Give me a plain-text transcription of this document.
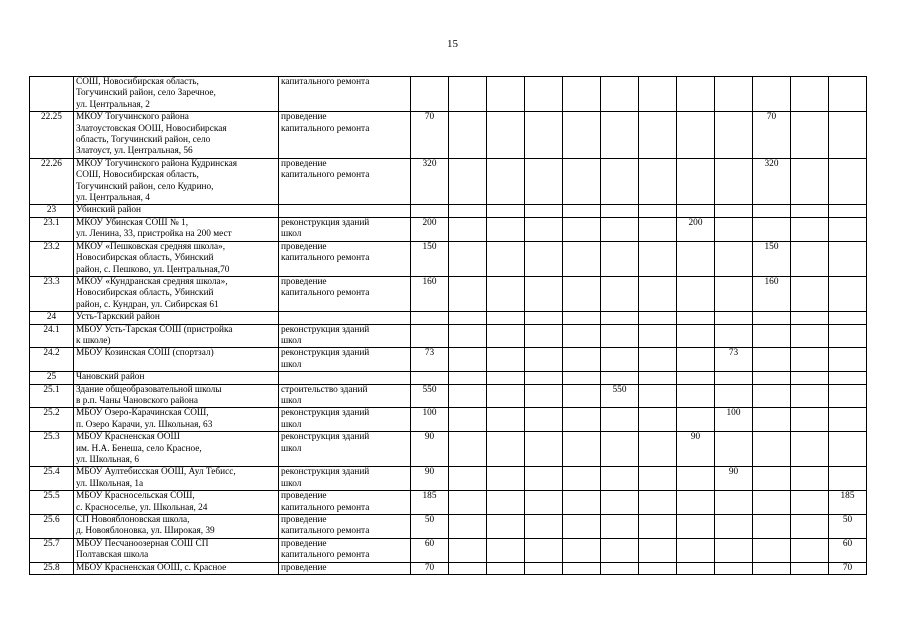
15
	СОШ, Новосибирская область,
Тогучинский район, село Заречное,
ул. Центральная, 2	капитального ремонта												
22.25	МКОУ Тогучинского района
Златоустовская ООШ, Новосибирская
область, Тогучинский район, село
Златоуст, ул. Центральная, 56	проведение
капитального ремонта	70									70		
22.26	МКОУ Тогучинского района Кудринская
СОШ, Новосибирская область,
Тогучинский район, село Кудрино,
ул. Центральная, 4	проведение
капитального ремонта	320									320		
23	Убинский район													
23.1	МКОУ Убинская СОШ № 1,
ул. Ленина, 33, пристройка на 200 мест	реконструкция зданий
школ	200							200				
23.2	МКОУ «Пешковская средняя школа»,
Новосибирская область, Убинский
район, с. Пешково, ул. Центральная,70	проведение
капитального ремонта	150									150		
23.3	МКОУ «Кундранская средняя школа»,
Новосибирская область, Убинский
район, с. Кундран, ул. Сибирская 61	проведение
капитального ремонта	160									160		
24	Усть-Таркский район													
24.1	МБОУ Усть-Тарская СОШ (пристройка
к школе)	реконструкция зданий
школ												
24.2	МБОУ Козинская СОШ (спортзал)	реконструкция зданий
школ	73								73			
25	Чановский район													
25.1	Здание общеобразовательной школы
в р.п. Чаны Чановского района	строительство зданий
школ	550					550						
25.2	МБОУ Озеро-Карачинская СОШ,
п. Озеро Карачи, ул. Школьная, 63	реконструкция зданий
школ	100								100			
25.3	МБОУ Красненская ООШ
им. Н.А. Бенеша, село Красное,
ул. Школьная, 6	реконструкция зданий
школ	90							90				
25.4	МБОУ Аултебисская ООШ, Аул Тебисс,
ул. Школьная, 1а	реконструкция зданий
школ	90								90			
25.5	МБОУ Красносельская СОШ,
с. Красноселье, ул. Школьная, 24	проведение
капитального ремонта	185											185
25.6	СП Новояблоновская школа,
д. Новояблоновка, ул. Широкая, 39	проведение
капитального ремонта	50											50
25.7	МБОУ Песчаноозерная СОШ СП
Полтавская школа	проведение
капитального ремонта	60											60
25.8	МБОУ Красненская ООШ, с. Красное	проведение	70											70
